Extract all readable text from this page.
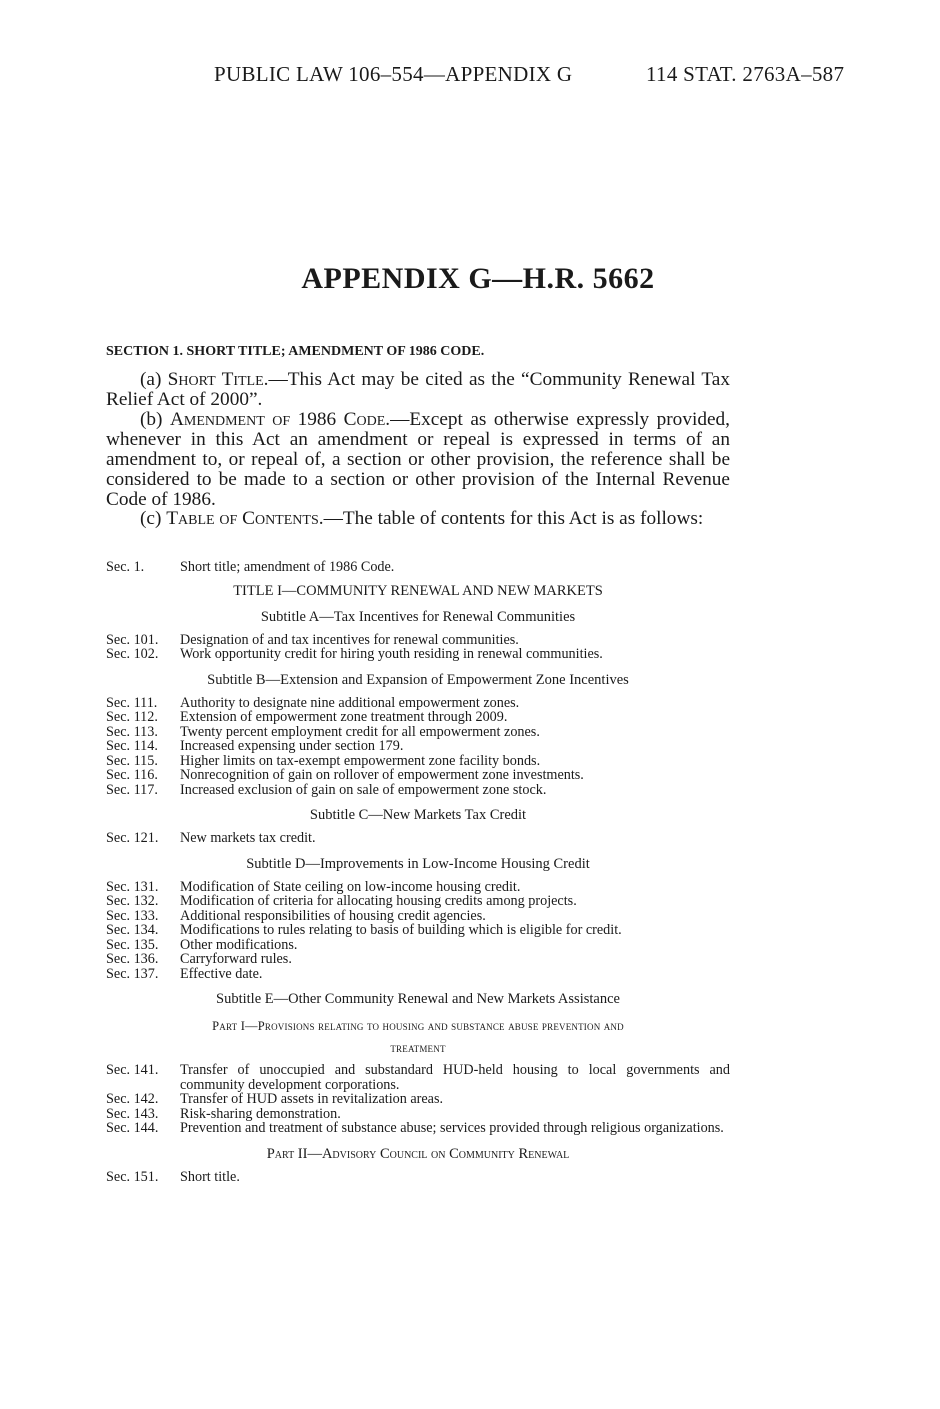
PUBLIC LAW 106–554—APPENDIX G	114 STAT. 2763A–587
APPENDIX G—H.R. 5662
SECTION 1. SHORT TITLE; AMENDMENT OF 1986 CODE.
(a) Short Title.—This Act may be cited as the “Community Renewal Tax Relief Act of 2000”.
(b) Amendment of 1986 Code.—Except as otherwise expressly provided, whenever in this Act an amendment or repeal is expressed in terms of an amendment to, or repeal of, a section or other provision, the reference shall be considered to be made to a section or other provision of the Internal Revenue Code of 1986.
(c) Table of Contents.—The table of contents for this Act is as follows:
Sec. 1.	Short title; amendment of 1986 Code.
TITLE I—COMMUNITY RENEWAL AND NEW MARKETS
Subtitle A—Tax Incentives for Renewal Communities
Sec. 101.	Designation of and tax incentives for renewal communities.
Sec. 102.	Work opportunity credit for hiring youth residing in renewal communities.
Subtitle B—Extension and Expansion of Empowerment Zone Incentives
Sec. 111.	Authority to designate nine additional empowerment zones.
Sec. 112.	Extension of empowerment zone treatment through 2009.
Sec. 113.	Twenty percent employment credit for all empowerment zones.
Sec. 114.	Increased expensing under section 179.
Sec. 115.	Higher limits on tax-exempt empowerment zone facility bonds.
Sec. 116.	Nonrecognition of gain on rollover of empowerment zone investments.
Sec. 117.	Increased exclusion of gain on sale of empowerment zone stock.
Subtitle C—New Markets Tax Credit
Sec. 121.	New markets tax credit.
Subtitle D—Improvements in Low-Income Housing Credit
Sec. 131.	Modification of State ceiling on low-income housing credit.
Sec. 132.	Modification of criteria for allocating housing credits among projects.
Sec. 133.	Additional responsibilities of housing credit agencies.
Sec. 134.	Modifications to rules relating to basis of building which is eligible for credit.
Sec. 135.	Other modifications.
Sec. 136.	Carryforward rules.
Sec. 137.	Effective date.
Subtitle E—Other Community Renewal and New Markets Assistance
Part I—Provisions relating to housing and substance abuse prevention and
treatment
Sec. 141.	Transfer of unoccupied and substandard HUD-held housing to local governments and community development corporations.
Sec. 142.	Transfer of HUD assets in revitalization areas.
Sec. 143.	Risk-sharing demonstration.
Sec. 144.	Prevention and treatment of substance abuse; services provided through religious organizations.
Part II—Advisory Council on Community Renewal
Sec. 151.	Short title.
